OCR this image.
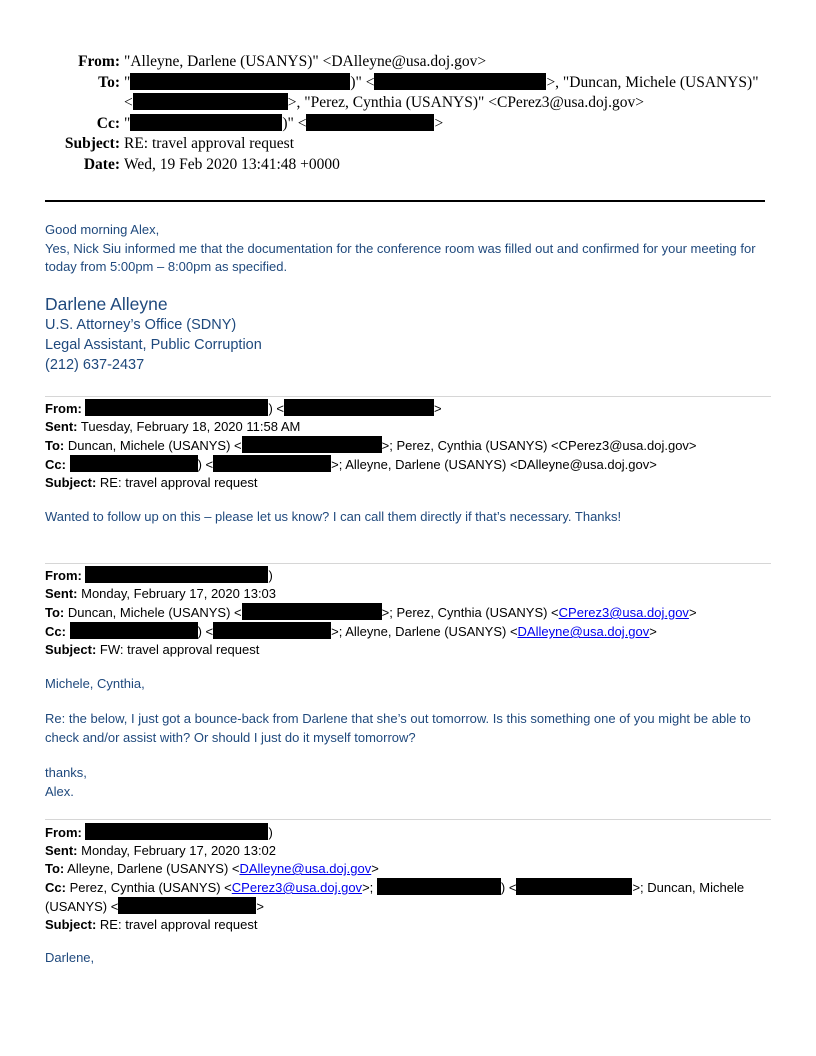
From: "Alleyne, Darlene (USANYS)" <DAlleyne@usa.doj.gov>
To: "	)" <	>, "Duncan, Michele (USANYS)"
<	>, "Perez, Cynthia (USANYS)" <CPerez3@usa.doj.gov>
Cc: "	)" <	>
Subject: RE: travel approval request
Date: Wed, 19 Feb 2020 13:41:48 +0000
Good morning Alex,
Yes, Nick Siu informed me that the documentation for the conference room was filled out and confirmed for your meeting for today from 5:00pm – 8:00pm as specified.
Darlene Alleyne
U.S. Attorney’s Office (SDNY)
Legal Assistant, Public Corruption
(212) 637-2437
From:	) <	>
Sent: Tuesday, February 18, 2020 11:58 AM
To: Duncan, Michele (USANYS) <	>; Perez, Cynthia (USANYS) <CPerez3@usa.doj.gov>
Cc:	) <	>; Alleyne, Darlene (USANYS) <DAlleyne@usa.doj.gov>
Subject: RE: travel approval request
Wanted to follow up on this – please let us know? I can call them directly if that’s necessary. Thanks!
From:	)
Sent: Monday, February 17, 2020 13:03
To: Duncan, Michele (USANYS) <	>; Perez, Cynthia (USANYS) <CPerez3@usa.doj.gov>
Cc:	) <	>; Alleyne, Darlene (USANYS) <DAlleyne@usa.doj.gov>
Subject: FW: travel approval request
Michele, Cynthia,
Re: the below, I just got a bounce-back from Darlene that she’s out tomorrow. Is this something one of you might be able to check and/or assist with? Or should I just do it myself tomorrow?
thanks,
Alex.
From:	)
Sent: Monday, February 17, 2020 13:02
To: Alleyne, Darlene (USANYS) <DAlleyne@usa.doj.gov>
Cc: Perez, Cynthia (USANYS) <CPerez3@usa.doj.gov>;	) <	>; Duncan, Michele
(USANYS) <	>
Subject: RE: travel approval request
Darlene,
